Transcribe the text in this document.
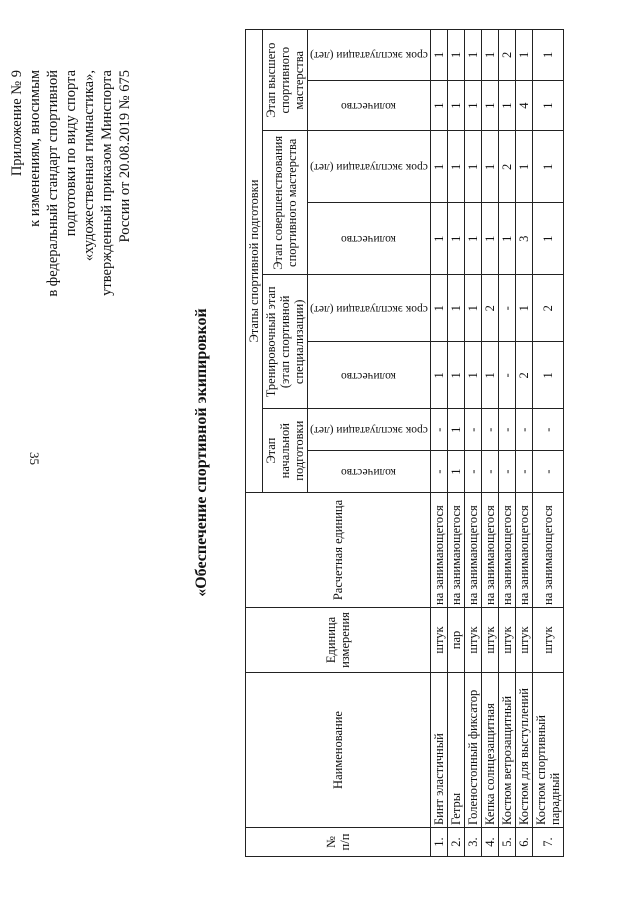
35
Приложение № 9 к изменениям, вносимым в федеральный стандарт спортивной подготовки по виду спорта «художественная гимнастика», утвержденный приказом Минспорта России от 20.08.2019 № 675
«Обеспечение спортивной экипировкой
№ п/п	Наименование	Единица измерения	Расчетная единица	Этапы спортивной подготовки							
				Этап начальной подготовки		Тренировочный этап (этап спортивной специализации)		Этап совершенствования спортивного мастерства		Этап высшего спортивного мастерства	

				количество	срок эксплуатации (лет)	количество	срок эксплуатации (лет)	количество	срок эксплуатации (лет)	количество	срок эксплуатации (лет)

1.	Бинт эластичный	штук	на занимающегося	-	-	1	1	1	1	1	1
2.	Гетры	пар	на занимающегося	1	1	1	1	1	1	1	1
3.	Голеностопный фиксатор	штук	на занимающегося	-	-	1	1	1	1	1	1
4.	Кепка солнцезащитная	штук	на занимающегося	-	-	1	2	1	1	1	1
5.	Костюм ветрозащитный	штук	на занимающегося	-	-	-	-	1	2	1	2
6.	Костюм для выступлений	штук	на занимающегося	-	-	2	1	3	1	4	1
7.	Костюм спортивный парадный	штук	на занимающегося	-	-	1	2	1	1	1	1
